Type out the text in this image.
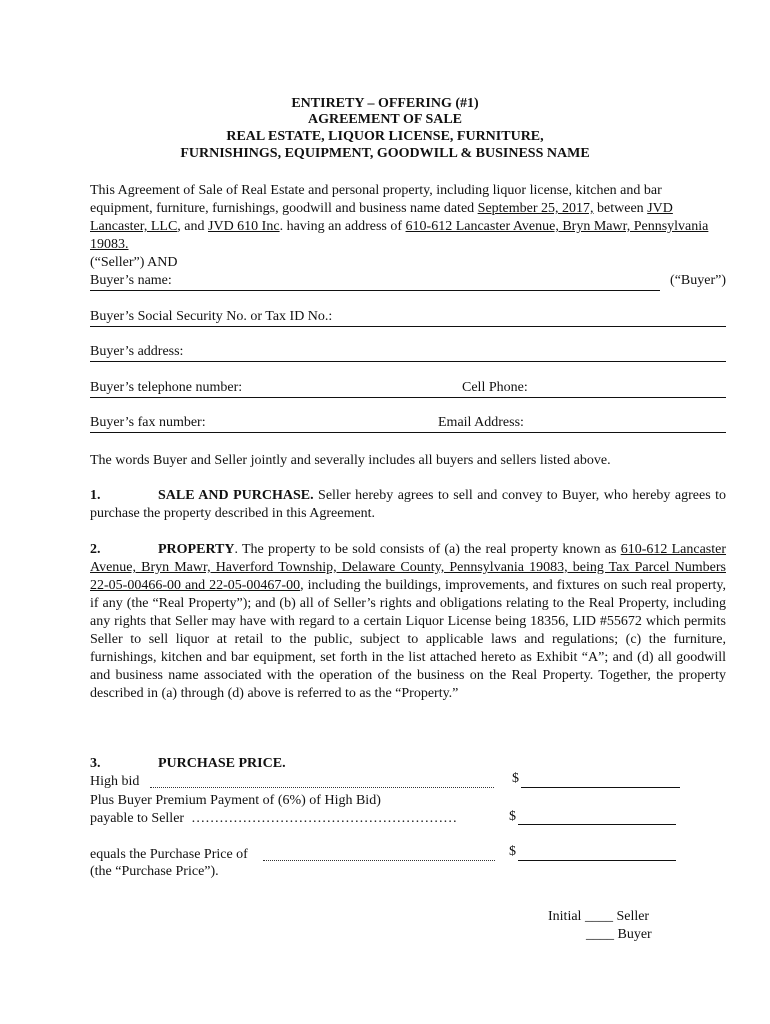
ENTIRETY – OFFERING (#1)
AGREEMENT OF SALE
REAL ESTATE, LIQUOR LICENSE, FURNITURE,
FURNISHINGS, EQUIPMENT, GOODWILL & BUSINESS NAME
This Agreement of Sale of Real Estate and personal property, including liquor license, kitchen and bar equipment, furniture, furnishings, goodwill and business name dated September 25, 2017, between JVD Lancaster, LLC, and JVD 610 Inc. having an address of 610-612 Lancaster Avenue, Bryn Mawr, Pennsylvania 19083.
(“Seller”) AND
Buyer’s name:	(“Buyer”)
Buyer’s Social Security No. or Tax ID No.:
Buyer’s address:
Buyer’s telephone number:	Cell Phone:
Buyer’s fax number:	Email Address:
The words Buyer and Seller jointly and severally includes all buyers and sellers listed above.
1.	SALE AND PURCHASE. Seller hereby agrees to sell and convey to Buyer, who hereby agrees to purchase the property described in this Agreement.
2.	PROPERTY. The property to be sold consists of (a) the real property known as 610-612 Lancaster Avenue, Bryn Mawr, Haverford Township, Delaware County, Pennsylvania 19083, being Tax Parcel Numbers 22-05-00466-00 and 22-05-00467-00, including the buildings, improvements, and fixtures on such real property, if any (the “Real Property”); and (b) all of Seller’s rights and obligations relating to the Real Property, including any rights that Seller may have with regard to a certain Liquor License being 18356, LID #55672 which permits Seller to sell liquor at retail to the public, subject to applicable laws and regulations; (c) the furniture, furnishings, kitchen and bar equipment, set forth in the list attached hereto as Exhibit “A”; and (d) all goodwill and business name associated with the operation of the business on the Real Property. Together, the property described in (a) through (d) above is referred to as the “Property.”
3.	PURCHASE PRICE.
High bid	$
Plus Buyer Premium Payment of (6%) of High Bid)
payable to Seller …………………………………………………	$
equals the Purchase Price of	$
(the “Purchase Price”).
Initial ____ Seller
____ Buyer
